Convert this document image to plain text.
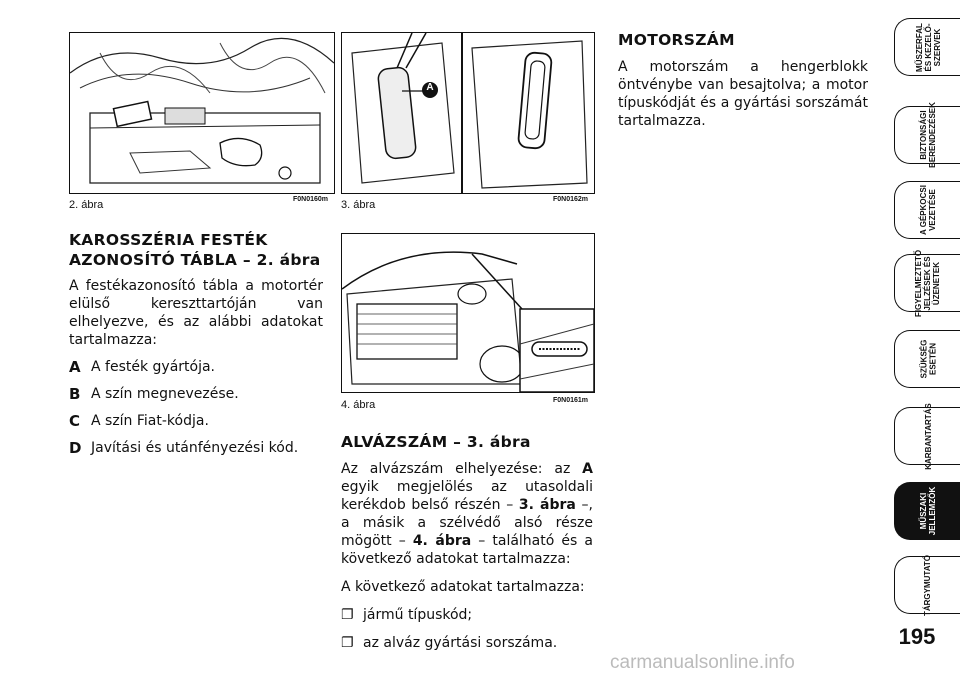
2. ábra	F0N0160m
A
3. ábra	F0N0162m
4. ábra	F0N0161m
KAROSSZÉRIA FESTÉK
AZONOSÍTÓ TÁBLA – 2. ábra

A festékazonosító tábla a motortér elülső kereszttartóján van elhelyezve, és az alábbi adatokat tartalmazza:

A A festék gyártója.
B A szín megnevezése.
C A szín Fiat-kódja.
D Javítási és utánfényezési kód.	ALVÁZSZÁM – 3. ábra

Az alvázszám elhelyezése: az A egyik megjelölés az utasoldali kerékdob belső részén – 3. ábra –, a másik a szélvédő alsó része mögött – 4. ábra – található és a következő adatokat tartalmazza:

A következő adatokat tartalmazza:

❐ jármű típuskód;
❐ az alváz gyártási sorszáma.
MOTORSZÁM

A motorszám a hengerblokk öntvénybe van besajtolva; a motor típuskódját és a gyártási sorszámát tartalmazza.

MŰSZERFAL
ÉS KEZELŐ-
SZERVEK
BIZTONSÁGI
BERENDEZÉSEK
A GÉPKOCSI
VEZETÉSE
FIGYELMEZTETŐ
JELZÉSEK ÉS
ÜZENETEK
SZÜKSÉG
ESETÉN
KARBANTARTÁS
MŰSZAKI
JELLEMZŐK
TÁRGYMUTATÓ
195
carmanualsonline.info
